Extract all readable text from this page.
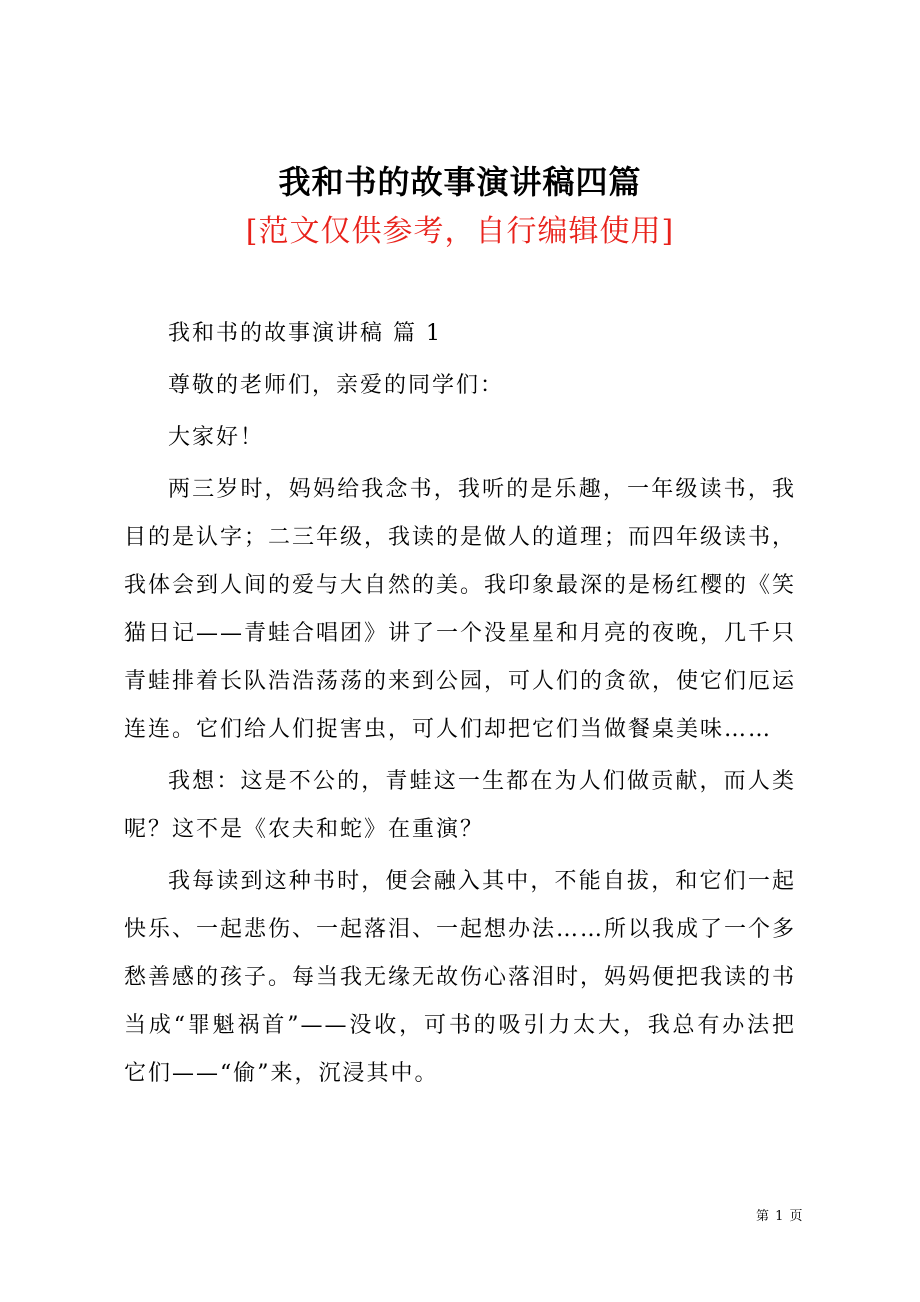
我和书的故事演讲稿四篇
[范文仅供参考，自行编辑使用]

我和书的故事演讲稿 篇 1

尊敬的老师们，亲爱的同学们：

大家好！

两三岁时，妈妈给我念书，我听的是乐趣，一年级读书，我目的是认字；二三年级，我读的是做人的道理；而四年级读书，我体会到人间的爱与大自然的美。我印象最深的是杨红樱的《笑猫日记——青蛙合唱团》讲了一个没星星和月亮的夜晚，几千只青蛙排着长队浩浩荡荡的来到公园，可人们的贪欲，使它们厄运连连。它们给人们捉害虫，可人们却把它们当做餐桌美味……

我想：这是不公的，青蛙这一生都在为人们做贡献，而人类呢？这不是《农夫和蛇》在重演？

我每读到这种书时，便会融入其中，不能自拔，和它们一起快乐、一起悲伤、一起落泪、一起想办法……所以我成了一个多愁善感的孩子。每当我无缘无故伤心落泪时，妈妈便把我读的书当成“罪魁祸首”——没收，可书的吸引力太大，我总有办法把它们——“偷”来，沉浸其中。

第 1 页
